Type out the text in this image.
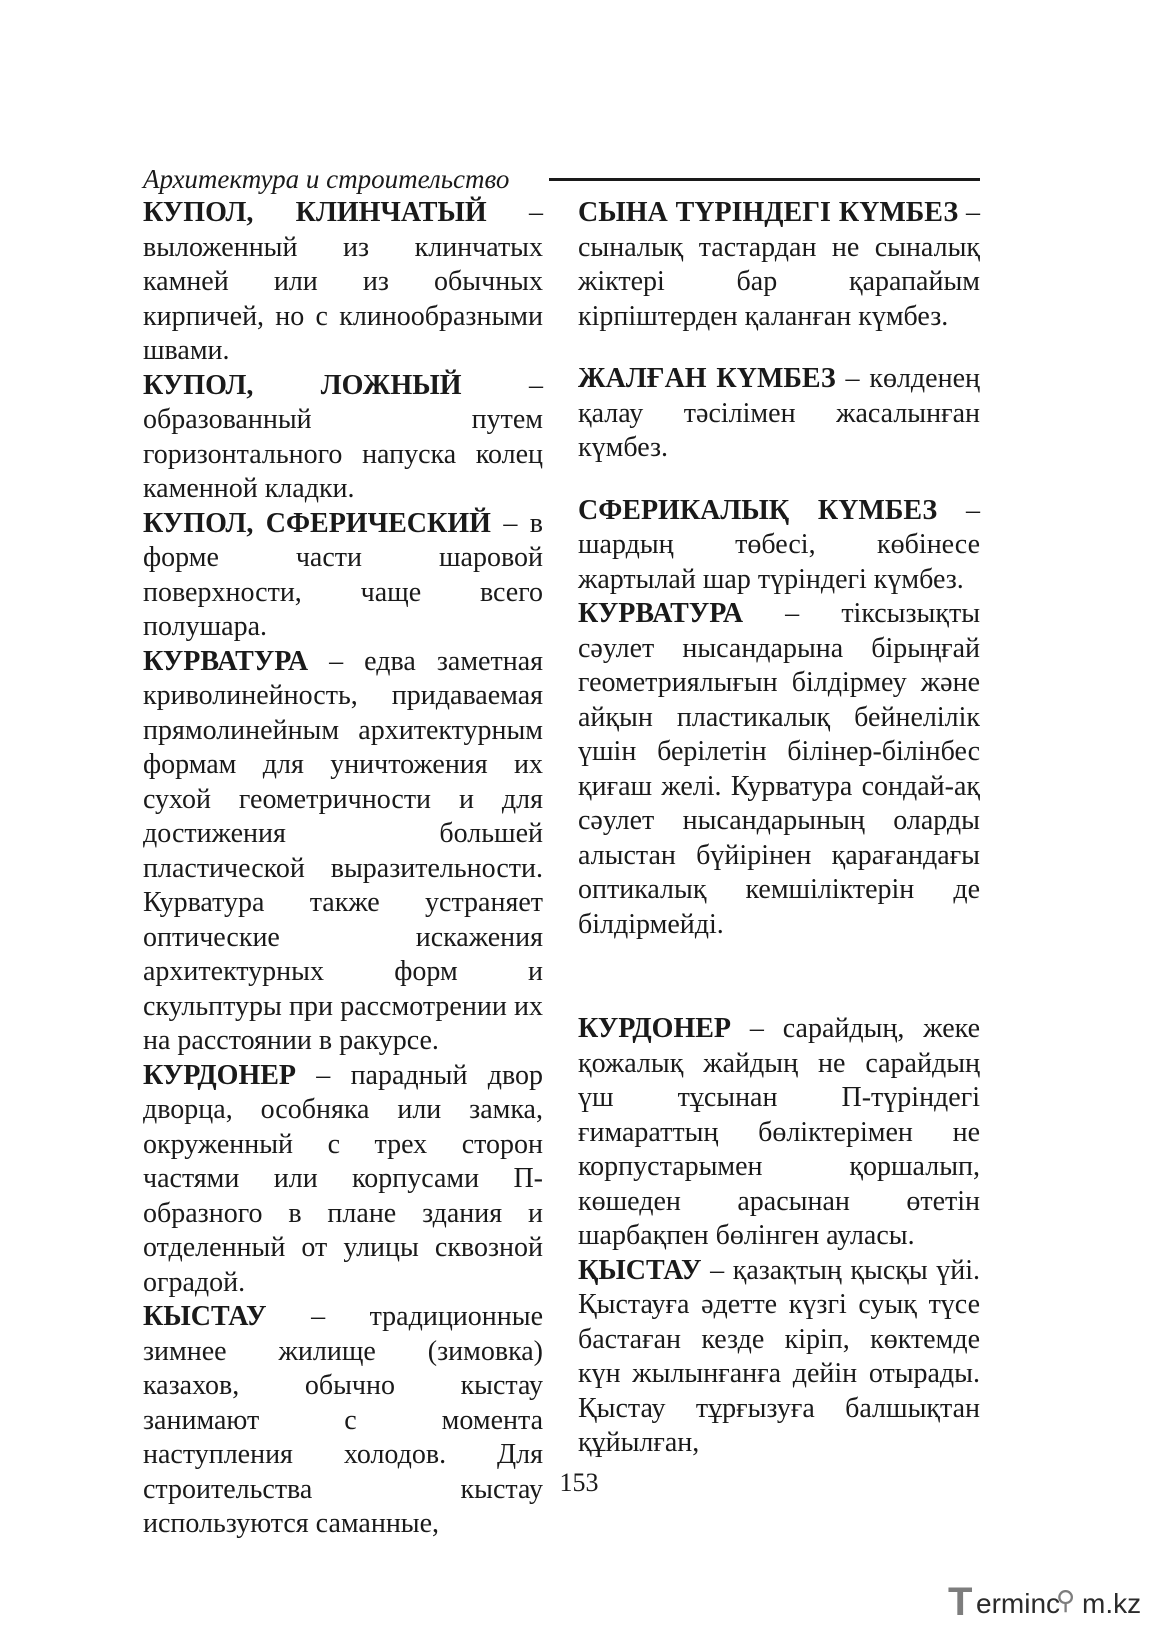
Архитектура и строительство
КУПОЛ, КЛИНЧАТЫЙ – выложенный из клинчатых камней или из обычных кирпичей, но с клинообразными швами.
КУПОЛ, ЛОЖНЫЙ – образованный путем горизонтального напуска колец каменной кладки.
КУПОЛ, СФЕРИЧЕСКИЙ – в форме части шаровой поверхности, чаще всего полушара.
КУРВАТУРА – едва заметная криволинейность, придаваемая прямолинейным архитектурным формам для уничтожения их сухой геометричности и для достижения большей пластической выразительности. Курватура также устраняет оптические искажения архитектурных форм и скульптуры при рассмотрении их на расстоянии в ракурсе.
КУРДОНЕР – парадный двор дворца, особняка или замка, окруженный с трех сторон частями или корпусами П-образного в плане здания и отделенный от улицы сквозной оградой.
КЫСТАУ – традиционные зимнее жилище (зимовка) казахов, обычно кыстау занимают с момента наступления холодов. Для строительства кыстау используются саманные,
СЫНА ТҮРІНДЕГІ КҮМБЕЗ – сыналық тастардан не сыналық жіктері бар қарапайым кірпіштерден қаланған күмбез.
ЖАЛҒАН КҮМБЕЗ – көлденең қалау тәсілімен жасалынған күмбез.
СФЕРИКАЛЫҚ КҮМБЕЗ – шардың төбесі, көбінесе жартылай шар түріндегі күмбез.
КУРВАТУРА – тіксызықты сәулет нысандарына бірыңғай геометриялығын білдірмеу және айқын пластикалық бейнелілік үшін берілетін білінер-білінбес қиғаш желі. Курватура сондай-ақ сәулет нысандарының оларды алыстан бүйірінен қарағандағы оптикалық кемшіліктерін де білдірмейді.
КУРДОНЕР – сарайдың, жеке қожалық жайдың не сарайдың үш тұсынан П-түріндегі ғимараттың бөліктерімен не корпустарымен қоршалып, көшеден арасынан өтетін шарбақпен бөлінген ауласы.
ҚЫСТАУ – қазақтың қысқы үйі. Қыстауға әдетте күзгі суық түсе бастаған кезде кіріп, көктемде күн жылынғанға дейін отырады. Қыстау тұрғызуға балшықтан құйылған,
153
T erminc
⚲ m.kz
